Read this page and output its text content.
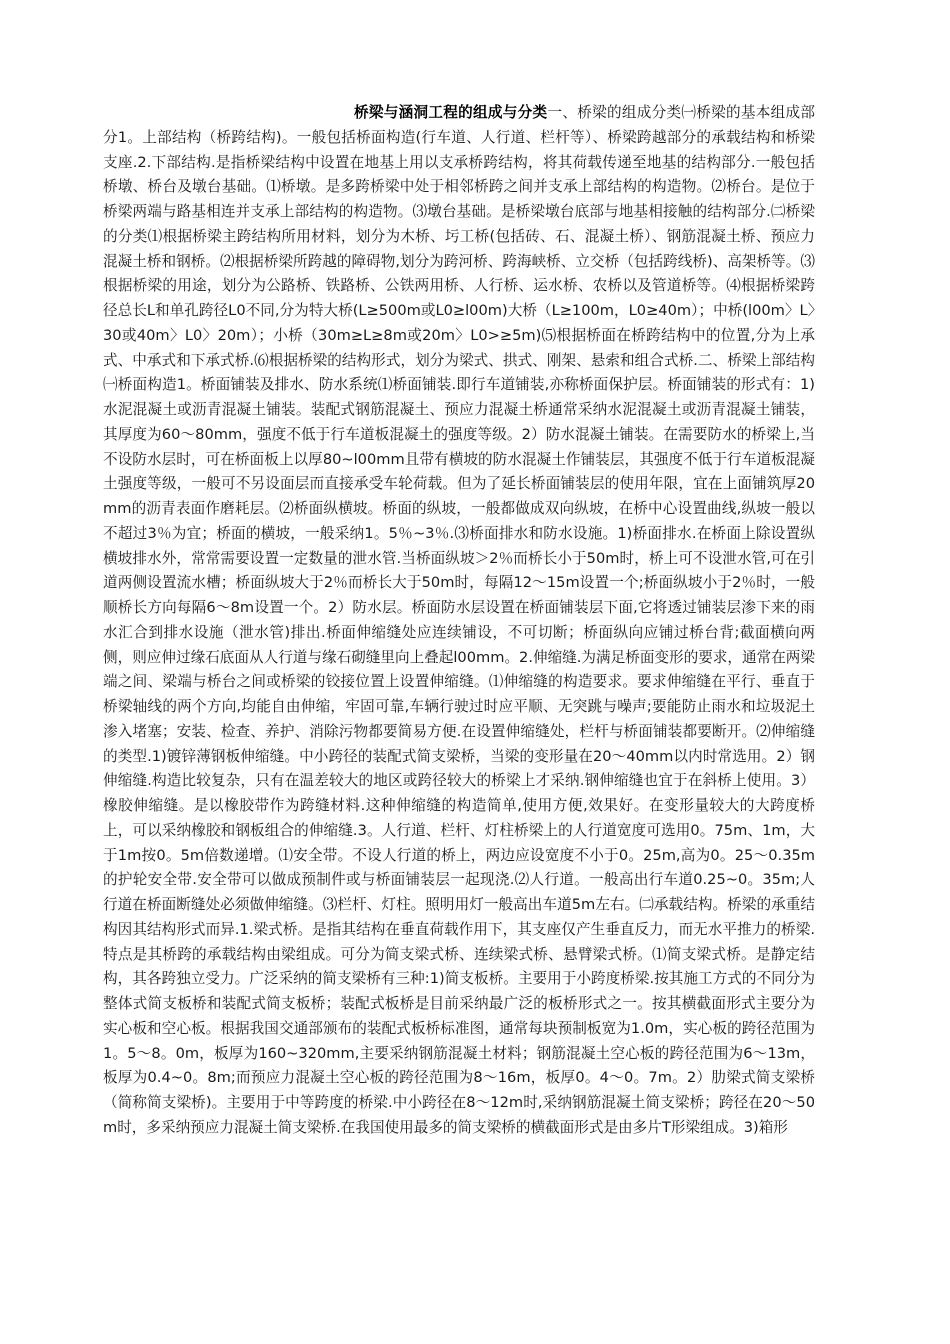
桥梁与涵洞工程的组成与分类一、桥梁的组成分类㈠桥梁的基本组成部分1。上部结构（桥跨结构)。一般包括桥面构造(行车道、人行道、栏杆等）、桥梁跨越部分的承载结构和桥梁支座.2.下部结构.是指桥梁结构中设置在地基上用以支承桥跨结构，将其荷载传递至地基的结构部分.一般包括桥墩、桥台及墩台基础。⑴桥墩。是多跨桥梁中处于相邻桥跨之间并支承上部结构的构造物。⑵桥台。是位于桥梁两端与路基相连并支承上部结构的构造物。⑶墩台基础。是桥梁墩台底部与地基相接触的结构部分.㈡桥梁的分类⑴根据桥梁主跨结构所用材料，划分为木桥、圬工桥(包括砖、石、混凝土桥）、钢筋混凝土桥、预应力混凝土桥和钢桥。⑵根据桥梁所跨越的障碍物,划分为跨河桥、跨海峡桥、立交桥（包括跨线桥)、高架桥等。⑶根据桥梁的用途，划分为公路桥、铁路桥、公铁两用桥、人行桥、运水桥、农桥以及管道桥等。⑷根据桥梁跨径总长L和单孔跨径L0不同,分为特大桥(L≥500m或L0≥l00m)大桥（L≥100m，L0≥40m）；中桥(l00m〉L〉30或40m〉L0〉20m）；小桥（30m≥L≥8m或20m〉L0>≥5m)⑸根据桥面在桥跨结构中的位置,分为上承式、中承式和下承式桥.⑹根据桥梁的结构形式，划分为梁式、拱式、刚架、悬索和组合式桥.二、桥梁上部结构㈠桥面构造1。桥面铺装及排水、防水系统⑴桥面铺装.即行车道铺装,亦称桥面保护层。桥面铺装的形式有：1)水泥混凝土或沥青混凝土铺装。装配式钢筋混凝土、预应力混凝土桥通常采纳水泥混凝土或沥青混凝土铺装，其厚度为60～80mm，强度不低于行车道板混凝土的强度等级。2）防水混凝土铺装。在需要防水的桥梁上,当不设防水层时，可在桥面板上以厚80~l00mm且带有横坡的防水混凝土作铺装层，其强度不低于行车道板混凝土强度等级，一般可不另设面层而直接承受车轮荷载。但为了延长桥面铺装层的使用年限，宜在上面铺筑厚20mm的沥青表面作磨耗层。⑵桥面纵横坡。桥面的纵坡，一般都做成双向纵坡，在桥中心设置曲线,纵坡一般以不超过3％为宜；桥面的横坡，一般采纳1。5％~3％.⑶桥面排水和防水设施。1)桥面排水.在桥面上除设置纵横坡排水外，常常需要设置一定数量的泄水管.当桥面纵坡＞2％而桥长小于50m时，桥上可不设泄水管,可在引道两侧设置流水槽；桥面纵坡大于2％而桥长大于50m时，每隔12～15m设置一个;桥面纵坡小于2％时，一般顺桥长方向每隔6～8m设置一个。2）防水层。桥面防水层设置在桥面铺装层下面,它将透过铺装层渗下来的雨水汇合到排水设施（泄水管)排出.桥面伸缩缝处应连续铺设，不可切断；桥面纵向应铺过桥台背;截面横向两侧，则应伸过缘石底面从人行道与缘石砌缝里向上叠起l00mm。2.伸缩缝.为满足桥面变形的要求，通常在两梁端之间、梁端与桥台之间或桥梁的铰接位置上设置伸缩缝。⑴伸缩缝的构造要求。要求伸缩缝在平行、垂直于桥梁轴线的两个方向,均能自由伸缩，牢固可靠,车辆行驶过时应平顺、无突跳与噪声;要能防止雨水和垃圾泥土渗入堵塞；安装、检查、养护、消除污物都要简易方便.在设置伸缩缝处，栏杆与桥面铺装都要断开。⑵伸缩缝的类型.1)镀锌薄钢板伸缩缝。中小跨径的装配式简支梁桥，当梁的变形量在20～40mm以内时常选用。2）钢伸缩缝.构造比较复杂，只有在温差较大的地区或跨径较大的桥梁上才采纳.钢伸缩缝也宜于在斜桥上使用。3）橡胶伸缩缝。是以橡胶带作为跨缝材料.这种伸缩缝的构造简单,使用方便,效果好。在变形量较大的大跨度桥上，可以采纳橡胶和钢板组合的伸缩缝.3。人行道、栏杆、灯柱桥梁上的人行道宽度可选用0。75m、1m，大于1m按0。5m倍数递增。⑴安全带。不设人行道的桥上，两边应设宽度不小于0。25m,高为0。25～0.35m的护轮安全带.安全带可以做成预制件或与桥面铺装层一起现浇.⑵人行道。一般高出行车道0.25~0。35m;人行道在桥面断缝处必须做伸缩缝。⑶栏杆、灯柱。照明用灯一般高出车道5m左右。㈡承载结构。桥梁的承重结构因其结构形式而异.1.梁式桥。是指其结构在垂直荷载作用下，其支座仅产生垂直反力，而无水平推力的桥梁.特点是其桥跨的承载结构由梁组成。可分为简支梁式桥、连续梁式桥、悬臂梁式桥。⑴简支梁式桥。是静定结构，其各跨独立受力。广泛采纳的简支梁桥有三种:1)简支板桥。主要用于小跨度桥梁.按其施工方式的不同分为整体式简支板桥和装配式简支板桥；装配式板桥是目前采纳最广泛的板桥形式之一。按其横截面形式主要分为实心板和空心板。根据我国交通部颁布的装配式板桥标准图，通常每块预制板宽为1.0m，实心板的跨径范围为1。5～8。0m，板厚为160~320mm,主要采纳钢筋混凝土材料；钢筋混凝土空心板的跨径范围为6～13m，板厚为0.4~0。8m;而预应力混凝土空心板的跨径范围为8～16m，板厚0。4～0。7m。2）肋梁式简支梁桥（简称简支梁桥)。主要用于中等跨度的桥梁.中小跨径在8～12m时,采纳钢筋混凝土简支梁桥；跨径在20～50m时，多采纳预应力混凝土简支梁桥.在我国使用最多的简支梁桥的横截面形式是由多片T形梁组成。3)箱形
